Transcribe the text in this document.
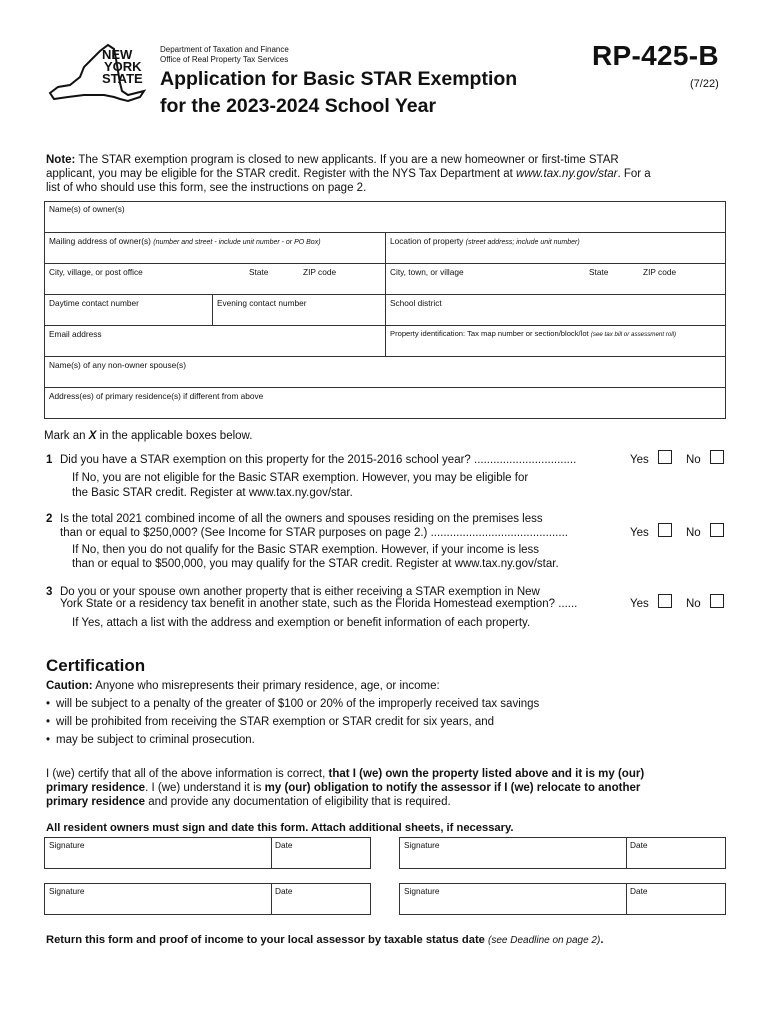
NEW
YORK
STATE
Department of Taxation and Finance
Office of Real Property Tax Services
Application for Basic STAR Exemption
for the 2023-2024 School Year
RP-425-B
(7/22)
Note: The STAR exemption program is closed to new applicants. If you are a new homeowner or first-time STAR
applicant, you may be eligible for the STAR credit. Register with the NYS Tax Department at www.tax.ny.gov/star. For a
list of who should use this form, see the instructions on page 2.
Name(s) of owner(s)
Mailing address of owner(s) (number and street - include unit number - or PO Box)	Location of property (street address; include unit number)
City, village, or post office	State	ZIP code	City, town, or village	State	ZIP code
Daytime contact number	Evening contact number	School district
Email address	Property identification: Tax map number or section/block/lot (see tax bill or assessment roll)
Name(s) of any non-owner spouse(s)
Address(es) of primary residence(s) if different from above
Mark an X in the applicable boxes below.
1 Did you have a STAR exemption on this property for the 2015-2016 school year? ................................	Yes	No
If No, you are not eligible for the Basic STAR exemption. However, you may be eligible for
the Basic STAR credit. Register at www.tax.ny.gov/star.
2 Is the total 2021 combined income of all the owners and spouses residing on the premises less
than or equal to $250,000? (See Income for STAR purposes on page 2.) ...........................................	Yes	No
If No, then you do not qualify for the Basic STAR exemption. However, if your income is less
than or equal to $500,000, you may qualify for the STAR credit. Register at www.tax.ny.gov/star.
3 Do you or your spouse own another property that is either receiving a STAR exemption in New
York State or a residency tax benefit in another state, such as the Florida Homestead exemption? ......	Yes	No
If Yes, attach a list with the address and exemption or benefit information of each property.
Certification
Caution: Anyone who misrepresents their primary residence, age, or income:
• will be subject to a penalty of the greater of $100 or 20% of the improperly received tax savings
• will be prohibited from receiving the STAR exemption or STAR credit for six years, and
• may be subject to criminal prosecution.
I (we) certify that all of the above information is correct, that I (we) own the property listed above and it is my (our)
primary residence. I (we) understand it is my (our) obligation to notify the assessor if I (we) relocate to another
primary residence and provide any documentation of eligibility that is required.
All resident owners must sign and date this form. Attach additional sheets, if necessary.
Signature	Date	Signature	Date
Signature	Date	Signature	Date
Return this form and proof of income to your local assessor by taxable status date (see Deadline on page 2).
